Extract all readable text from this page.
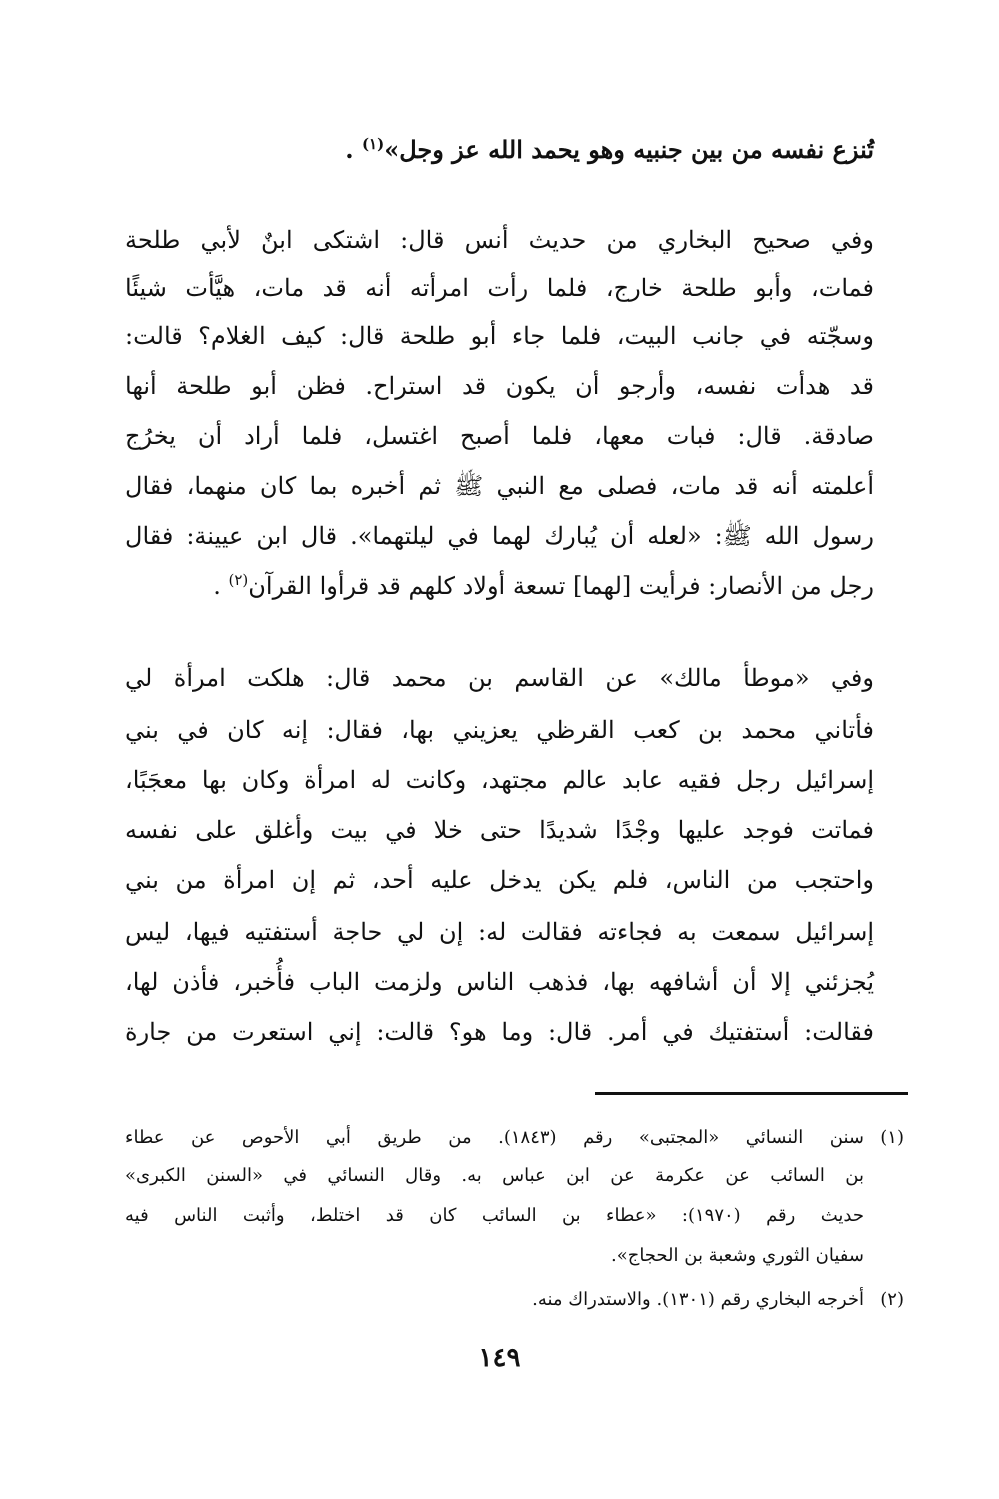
تُنزع نفسه من بين جنبيه وهو يحمد الله عز وجل»$^{(١)}$ .
وفي صحيح البخاري من حديث أنس قال: اشتكى ابنٌ لأبي طلحة
فمات، وأبو طلحة خارج، فلما رأت امرأته أنه قد مات، هيَّأت شيئًا
وسجّته في جانب البيت، فلما جاء أبو طلحة قال: كيف الغلام؟ قالت:
قد هدأت نفسه، وأرجو أن يكون قد استراح. فظن أبو طلحة أنها
صادقة. قال: فبات معها، فلما أصبح اغتسل، فلما أراد أن يخرُج
أعلمته أنه قد مات، فصلى مع النبي ﷺ ثم أخبره بما كان منهما، فقال
رسول الله ﷺ: «لعله أن يُبارك لهما في ليلتهما». قال ابن عيينة: فقال
رجل من الأنصار: فرأيت [لهما] تسعة أولاد كلهم قد قرأوا القرآن$^{(٢)}$ .
وفي «موطأ مالك» عن القاسم بن محمد قال: هلكت امرأة لي
فأتاني محمد بن كعب القرظي يعزيني بها، فقال: إنه كان في بني
إسرائيل رجل فقيه عابد عالم مجتهد، وكانت له امرأة وكان بها معجَبًا،
فماتت فوجد عليها وجْدًا شديدًا حتى خلا في بيت وأغلق على نفسه
واحتجب من الناس، فلم يكن يدخل عليه أحد، ثم إن امرأة من بني
إسرائيل سمعت به فجاءته فقالت له: إن لي حاجة أستفتيه فيها، ليس
يُجزئني إلا أن أشافهه بها، فذهب الناس ولزمت الباب فأُخبر، فأذن لها،
فقالت: أستفتيك في أمر. قال: وما هو؟ قالت: إني استعرت من جارة
(١)
سنن النسائي «المجتبى» رقم (١٨٤٣). من طريق أبي الأحوص عن عطاء
بن السائب عن عكرمة عن ابن عباس به. وقال النسائي في «السنن الكبرى»
حديث رقم (١٩٧٠): «عطاء بن السائب كان قد اختلط، وأثبت الناس فيه
سفيان الثوري وشعبة بن الحجاج».
(٢)
أخرجه البخاري رقم (١٣٠١). والاستدراك منه.
١٤٩
